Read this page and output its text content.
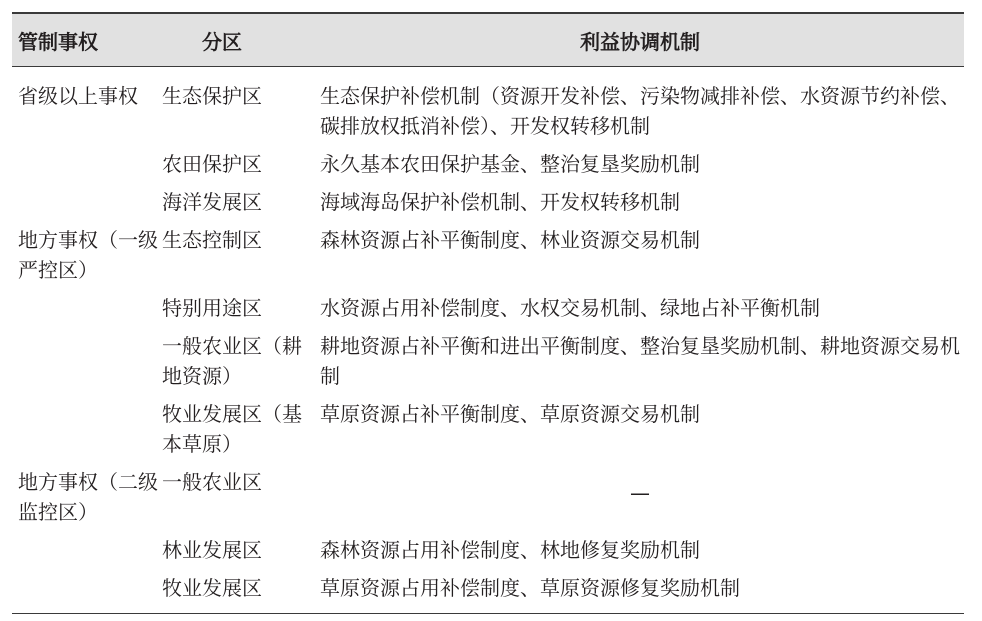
管制事权	分区	利益协调机制
省级以上事权	生态保护区	生态保护补偿机制（资源开发补偿、污染物减排补偿、水资源节约补偿、碳排放权抵消补偿）、开发权转移机制
	农田保护区	永久基本农田保护基金、整治复垦奖励机制
	海洋发展区	海域海岛保护补偿机制、开发权转移机制
地方事权（一级严控区）	生态控制区	森林资源占补平衡制度、林业资源交易机制
	特别用途区	水资源占用补偿制度、水权交易机制、绿地占补平衡机制
	一般农业区（耕地资源）	耕地资源占补平衡和进出平衡制度、整治复垦奖励机制、耕地资源交易机制
	牧业发展区（基本草原）	草原资源占补平衡制度、草原资源交易机制
地方事权（二级监控区）	一般农业区	—
	林业发展区	森林资源占用补偿制度、林地修复奖励机制
	牧业发展区	草原资源占用补偿制度、草原资源修复奖励机制
